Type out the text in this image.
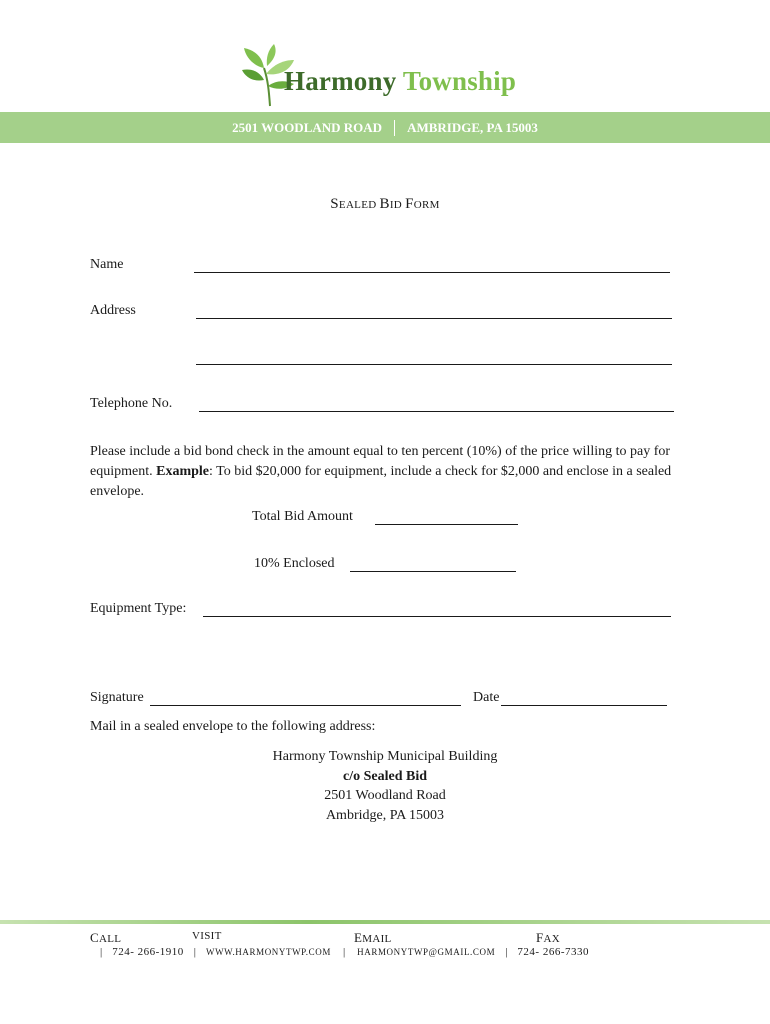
Harmony Township
2501 WOODLAND ROAD AMBRIDGE, PA 15003
SEALED BID FORM
Name
Address
Telephone No.
Please include a bid bond check in the amount equal to ten percent (10%) of the price willing to pay for equipment. Example: To bid $20,000 for equipment, include a check for $2,000 and enclose in a sealed envelope.
Total Bid Amount
10% Enclosed
Equipment Type:
Signature	Date
Mail in a sealed envelope to the following address:
Harmony Township Municipal Building
c/o Sealed Bid
2501 Woodland Road
Ambridge, PA 15003
CALL	VISIT	EMAIL	FAX
| 724- 266-1910 | WWW.HARMONYTWP.COM | HARMONYTWP@GMAIL.COM | 724- 266-7330
